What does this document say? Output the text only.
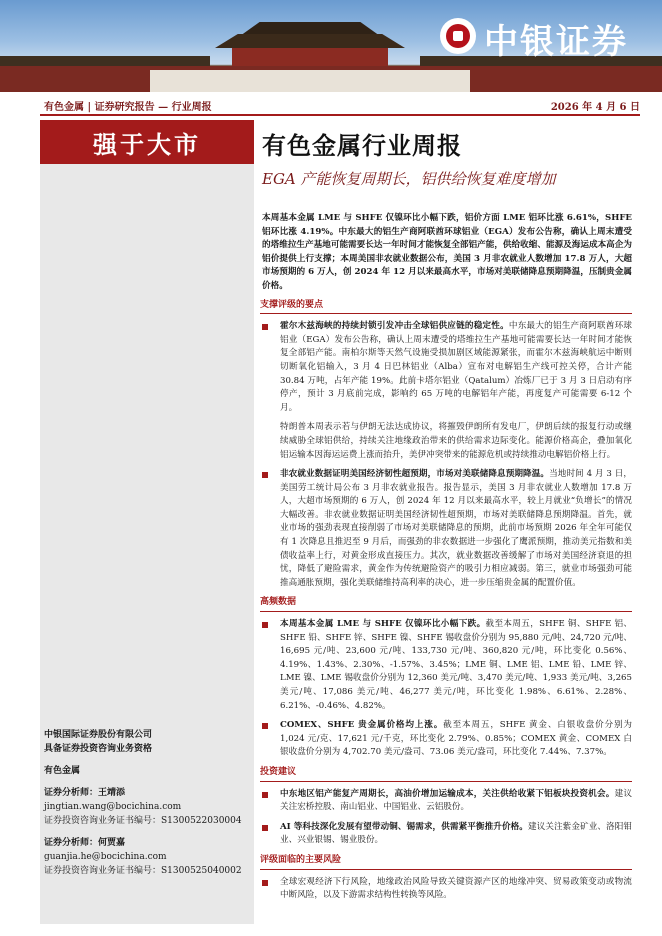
中银证券
有色金属 | 证券研究报告 — 行业周报	2026 年 4 月 6 日
强于大市
中银国际证券股份有限公司
具备证券投资咨询业务资格
有色金属
证券分析师：王靖添
jingtian.wang@bocichina.com
证券投资咨询业务证书编号：S1300522030004
证券分析师：何贾嘉
guanjia.he@bocichina.com
证券投资咨询业务证书编号：S1300525040002
有色金属行业周报
EGA 产能恢复周期长，铝供给恢复难度增加

本周基本金属 LME 与 SHFE 仅镍环比小幅下跌，铝价方面 LME 铝环比涨 6.61%，SHFE 铝环比涨 4.19%。中东最大的铝生产商阿联酋环球铝业（EGA）发布公告称，确认上周末遭受的塔维拉生产基地可能需要长达一年时间才能恢复全部铝产能，供给收缩、能源及海运成本高企为铝价提供上行支撑；本周美国非农就业数据公布，美国 3 月非农就业人数增加 17.8 万人，大超市场预期的 6 万人，创 2024 年 12 月以来最高水平，市场对美联储降息预期降温，压制贵金属价格。

支撑评级的要点

霍尔木兹海峡的持续封锁引发冲击全球铝供应链的稳定性。中东最大的铝生产商阿联酋环球铝业（EGA）发布公告称，确认上周末遭受的塔维拉生产基地可能需要长达一年时间才能恢复全部铝产能。南柏尔斯等天然气设施受损加剧区域能源紧张，而霍尔木兹海峡航运中断则切断氧化铝输入，3 月 4 日巴林铝业（Alba）宣布对电解铝生产线可控关停，合计产能 30.84 万吨，占年产能 19%。此前卡塔尔铝业（Qatalum）冶炼厂已于 3 月 3 日启动有序停产，预计 3 月底前完成，影响约 65 万吨的电解铝年产能，再度复产可能需要 6-12 个月。

特朗普本周表示若与伊朗无法达成协议，将摧毁伊朗所有发电厂，伊朗后续的报复行动或继续威胁全球铝供给，持续关注地缘政治带来的供给需求边际变化。能源价格高企，叠加氧化铝运输本因海运运费上涨而抬升，美伊冲突带来的能源危机或持续推动电解铝价格上行。

非农就业数据证明美国经济韧性超预期，市场对美联储降息预期降温。当地时间 4 月 3 日，美国劳工统计局公布 3 月非农就业报告。报告显示，美国 3 月非农就业人数增加 17.8 万人，大超市场预期的 6 万人，创 2024 年 12 月以来最高水平，较上月就业“负增长”的情况大幅改善。非农就业数据证明美国经济韧性超预期，市场对美联储降息预期降温。首先，就业市场的强劲表现直接削弱了市场对美联储降息的预期，此前市场预期 2026 年全年可能仅有 1 次降息且推迟至 9 月后，而强劲的非农数据进一步强化了鹰派预期，推动美元指数和美债收益率上行，对黄金形成直接压力。其次，就业数据改善缓解了市场对美国经济衰退的担忧，降低了避险需求，黄金作为传统避险资产的吸引力相应减弱。第三，就业市场强劲可能推高通胀预期，强化美联储维持高利率的决心，进一步压缩贵金属的配置价值。

高频数据

本周基本金属 LME 与 SHFE 仅镍环比小幅下跌。截至本周五，SHFE 铜、SHFE 铝、SHFE 铅、SHFE 锌、SHFE 镍、SHFE 锡收盘价分别为 95,880 元/吨、24,720 元/吨、16,695 元/吨、23,600 元/吨、133,730 元/吨、360,820 元/吨，环比变化 0.56%、4.19%、1.43%、2.30%、-1.57%、3.45%；LME 铜、LME 铝、LME 铅、LME 锌、LME 镍、LME 锡收盘价分别为 12,360 美元/吨、3,470 美元/吨、1,933 美元/吨、3,265 美元/吨、17,086 美元/吨、46,277 美元/吨，环比变化 1.98%、6.61%、2.28%、6.21%、-0.46%、4.82%。

COMEX、SHFE 贵金属价格均上涨。截至本周五，SHFE 黄金、白银收盘价分别为 1,024 元/克、17,621 元/千克，环比变化 2.79%、0.85%；COMEX 黄金、COMEX 白银收盘价分别为 4,702.70 美元/盎司、73.06 美元/盎司，环比变化 7.44%、7.37%。

投资建议

中东地区铝产能复产周期长，高油价增加运输成本，关注供给收紧下铝板块投资机会。建议关注宏桥控股、南山铝业、中国铝业、云铝股份。

AI 等科技深化发展有望带动铜、锡需求，供需紧平衡推升价格。建议关注紫金矿业、洛阳钼业、兴业银锡、锡业股份。

评级面临的主要风险

全球宏观经济下行风险，地缘政治风险导致关键资源产区的地缘冲突、贸易政策变动或物流中断风险，以及下游需求结构性转换等风险。
